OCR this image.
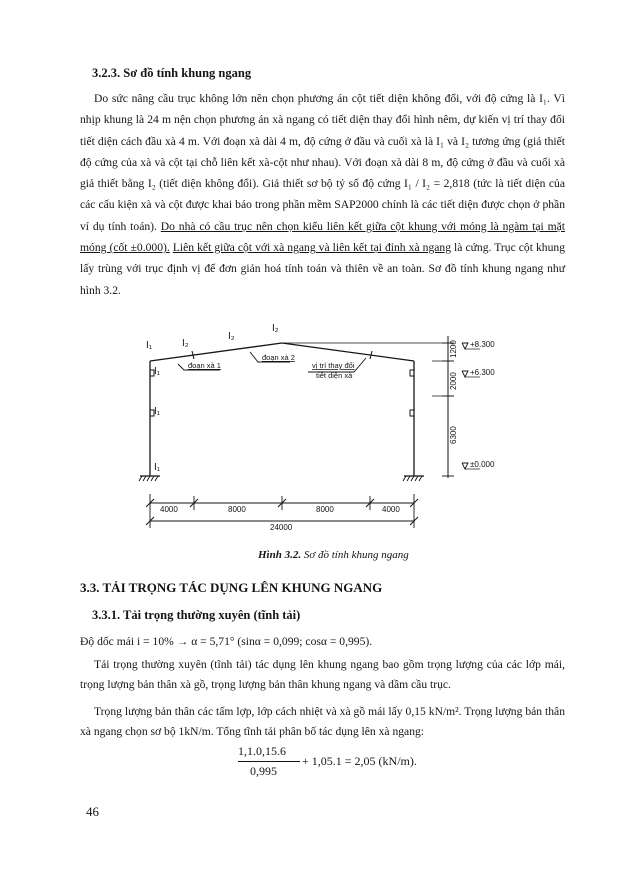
3.2.3. Sơ đồ tính khung ngang
Do sức nâng cầu trục không lớn nên chọn phương án cột tiết diện không đổi, với độ cứng là I₁. Vì nhịp khung là 24 m nện chọn phương án xà ngang có tiết diện thay đổi hình nêm, dự kiến vị trí thay đổi tiết diện cách đầu xà 4 m. Với đoạn xà dài 4 m, độ cứng ở đầu và cuối xà là I₁ và I₂ tương ứng (giả thiết độ cứng của xà và cột tại chỗ liên kết xà-cột như nhau). Với đoạn xà dài 8 m, độ cứng ở đầu và cuối xà giả thiết bằng I₂ (tiết diện không đổi). Giả thiết sơ bộ tỷ số độ cứng I₁ / I₂ = 2,818 (tức là tiết diện của các cấu kiện xà và cột được khai báo trong phần mềm SAP2000 chính là các tiết diện được chọn ở phần ví dụ tính toán). Do nhà có cầu trục nên chọn kiểu liên kết giữa cột khung với móng là ngàm tại mặt móng (cốt ±0.000). Liên kết giữa cột với xà ngang và liên kết tại đỉnh xà ngang là cứng. Trục cột khung lấy trùng với trục định vị để đơn giản hoá tính toán và thiên về an toàn. Sơ đồ tính khung ngang như hình 3.2.
I₁	I₂
I₂
I₂
I₁
I₁
I₁
đoạn xà 1
đoạn xà 2
vị trí thay đổi
tiết diện xà
1200
2000
6300
+8.300
+6.300
±0.000
4000	8000	8000	4000
24000
Hình 3.2. Sơ đồ tính khung ngang
3.3. TẢI TRỌNG TÁC DỤNG LÊN KHUNG NGANG
3.3.1. Tải trọng thường xuyên (tĩnh tải)
Độ dốc mái i = 10% → α = 5,71° (sinα = 0,099; cosα = 0,995).
Tải trọng thường xuyên (tĩnh tải) tác dụng lên khung ngang bao gồm trọng lượng của các lớp mái, trọng lượng bản thân xà gồ, trọng lượng bản thân khung ngang và dầm cầu trục.
Trọng lượng bản thân các tấm lợp, lớp cách nhiệt và xà gồ mái lấy 0,15 kN/m². Trọng lượng bản thân xà ngang chọn sơ bộ 1kN/m. Tổng tĩnh tải phân bố tác dụng lên xà ngang:
1,1.0,15.6
0,995
+ 1,05.1 = 2,05 (kN/m).
46
